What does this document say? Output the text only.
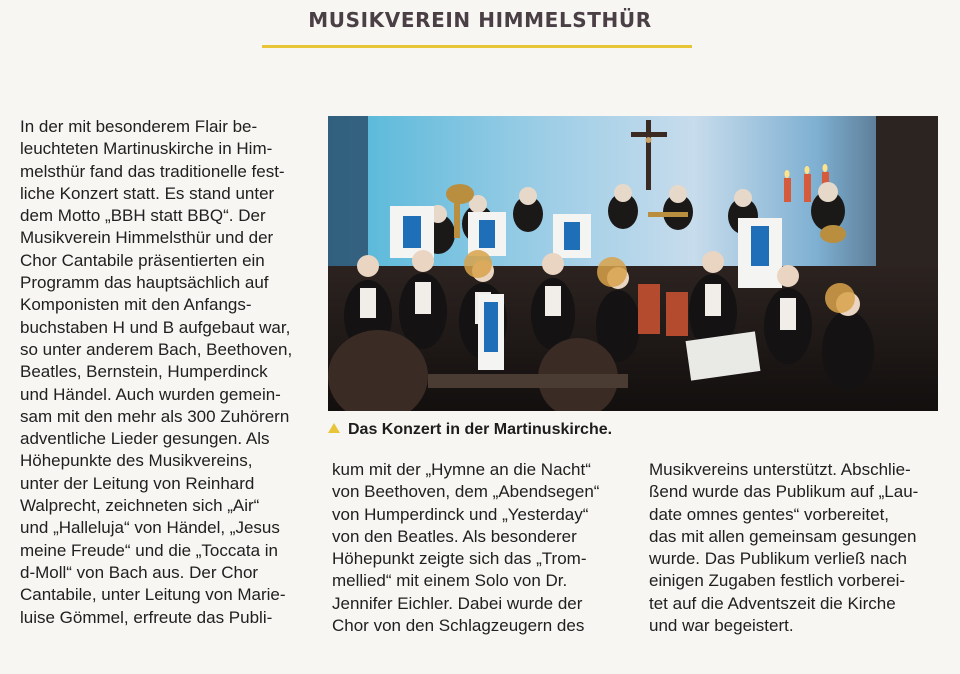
MUSIKVEREIN HIMMELSTHÜR
In der mit besonderem Flair be-
leuchteten Martinuskirche in Him-
melsthür fand das traditionelle fest-
liche Konzert statt. Es stand unter
dem Motto „BBH statt BBQ“. Der
Musikverein Himmelsthür und der
Chor Cantabile präsentierten ein
Programm das hauptsächlich auf
Komponisten mit den Anfangs-
buchstaben H und B aufgebaut war,
so unter anderem Bach, Beethoven,
Beatles, Bernstein, Humperdinck
und Händel. Auch wurden gemein-
sam mit den mehr als 300 Zuhörern
adventliche Lieder gesungen. Als
Höhepunkte des Musikvereins,
unter der Leitung von Reinhard
Walprecht, zeichneten sich „Air“
und „Halleluja“ von Händel, „Jesus
meine Freude“ und die „Toccata in
d-Moll“ von Bach aus. Der Chor
Cantabile, unter Leitung von Marie-
luise Gömmel, erfreute das Publi-
Das Konzert in der Martinuskirche.
kum mit der „Hymne an die Nacht“
von Beethoven, dem „Abendsegen“
von Humperdinck und „Yesterday“
von den Beatles. Als besonderer
Höhepunkt zeigte sich das „Trom-
mellied“ mit einem Solo von Dr.
Jennifer Eichler. Dabei wurde der
Chor von den Schlagzeugern des
Musikvereins unterstützt. Abschlie-
ßend wurde das Publikum auf „Lau-
date omnes gentes“ vorbereitet,
das mit allen gemeinsam gesungen
wurde. Das Publikum verließ nach
einigen Zugaben festlich vorberei-
tet auf die Adventszeit die Kirche
und war begeistert.
